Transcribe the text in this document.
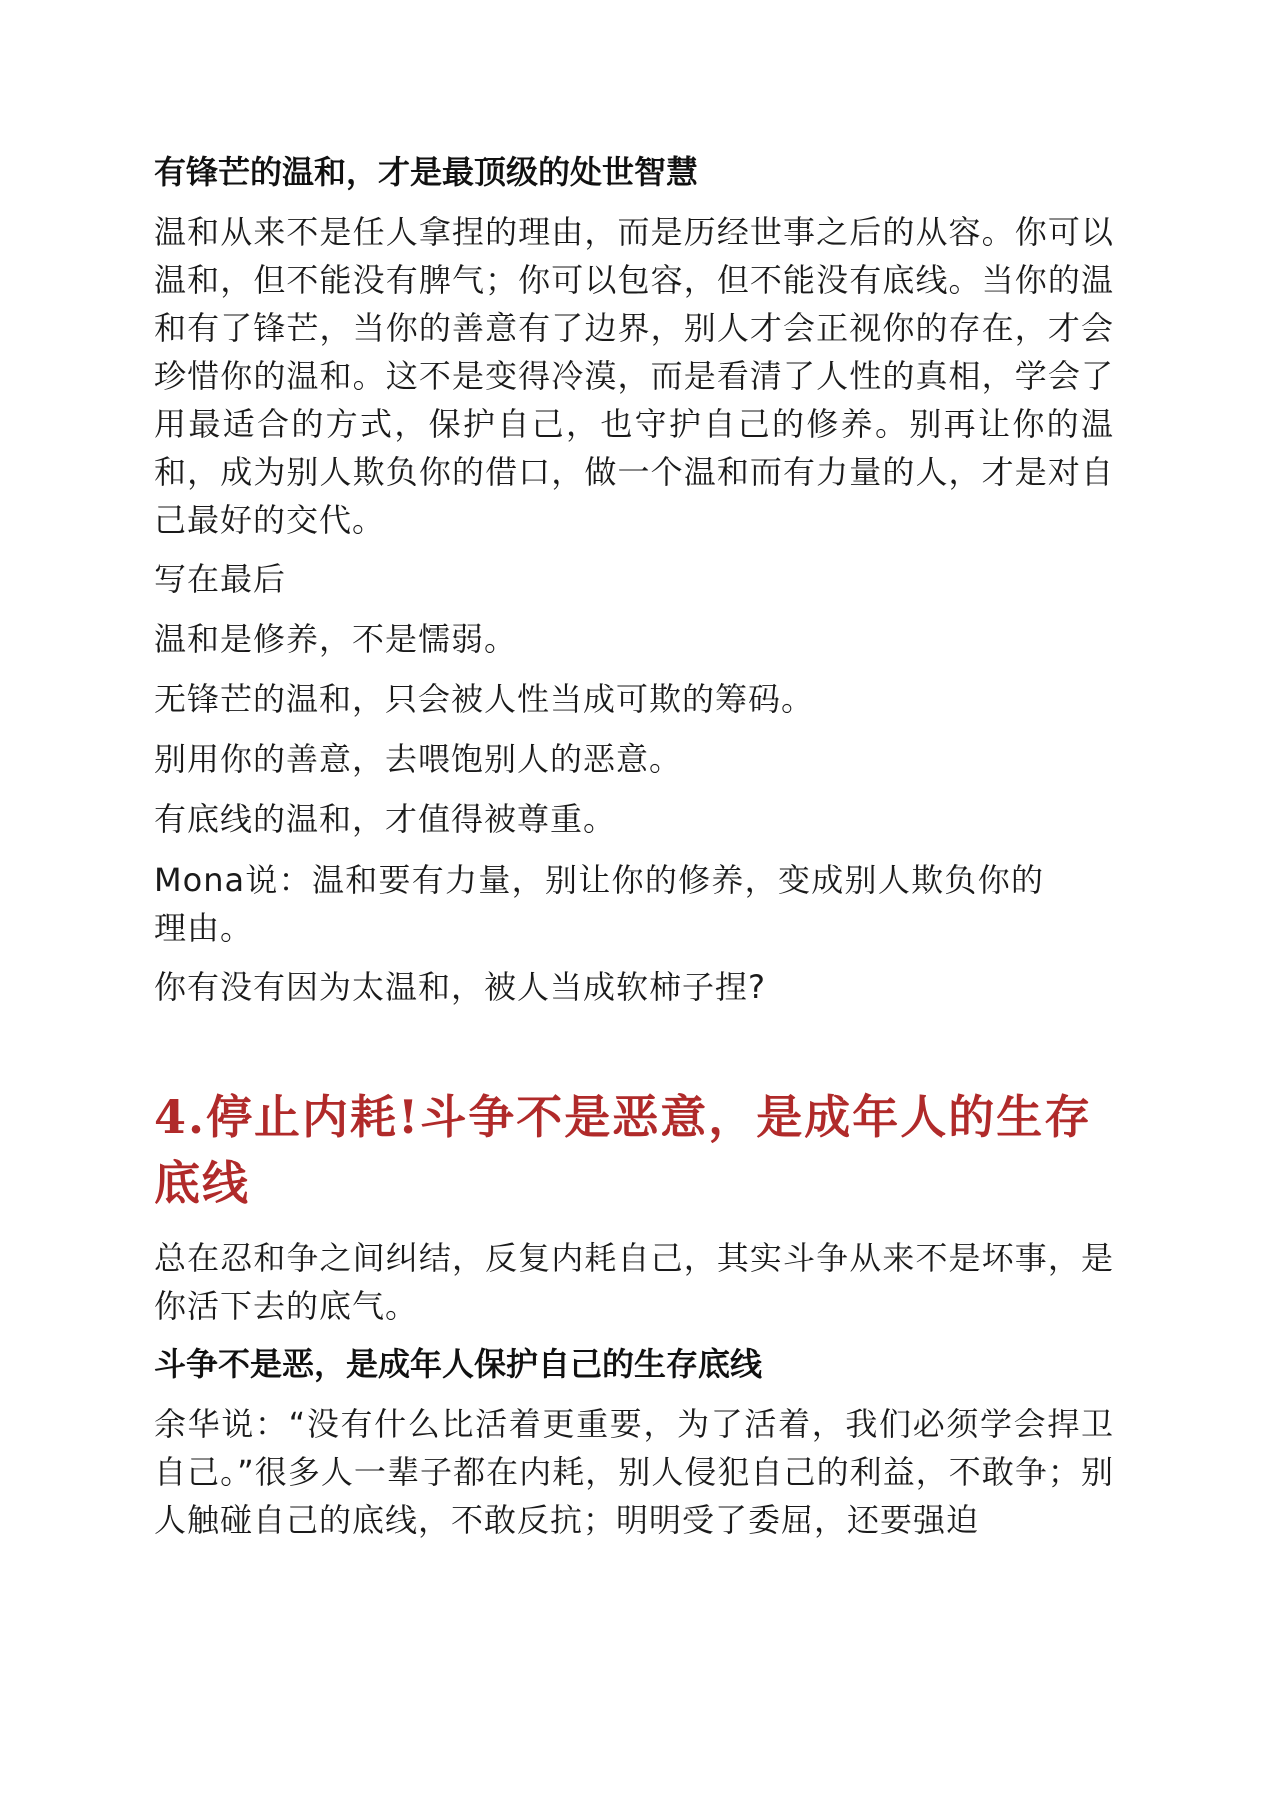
有锋芒的温和，才是最顶级的处世智慧

温和从来不是任人拿捏的理由，而是历经世事之后的从容。你可以温和，但不能没有脾气；你可以包容，但不能没有底线。当你的温和有了锋芒，当你的善意有了边界，别人才会正视你的存在，才会珍惜你的温和。这不是变得冷漠，而是看清了人性的真相，学会了用最适合的方式，保护自己，也守护自己的修养。别再让你的温和，成为别人欺负你的借口，做一个温和而有力量的人，才是对自己最好的交代。

写在最后
温和是修养，不是懦弱。
无锋芒的温和，只会被人性当成可欺的筹码。
别用你的善意，去喂饱别人的恶意。
有底线的温和，才值得被尊重。

Mona说：温和要有力量，别让你的修养，变成别人欺负你的理由。

你有没有因为太温和，被人当成软柿子捏?
4.停止内耗!斗争不是恶意，是成年人的生存底线

总在忍和争之间纠结，反复内耗自己，其实斗争从来不是坏事，是你活下去的底气。

斗争不是恶，是成年人保护自己的生存底线

余华说：“没有什么比活着更重要，为了活着，我们必须学会捍卫自己。”很多人一辈子都在内耗，别人侵犯自己的利益，不敢争；别人触碰自己的底线，不敢反抗；明明受了委屈，还要强迫
